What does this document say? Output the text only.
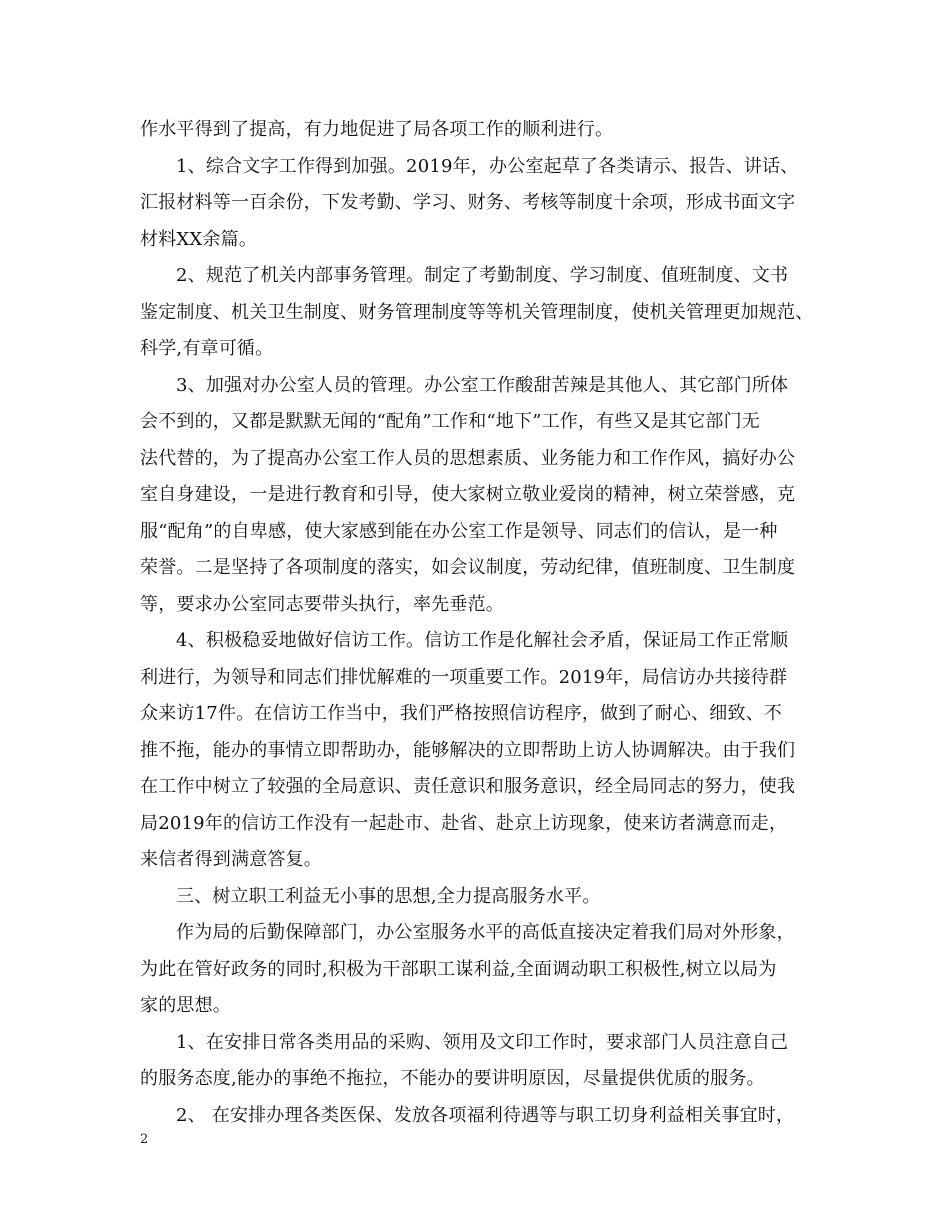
作水平得到了提高，有力地促进了局各项工作的顺利进行。
1、综合文字工作得到加强。2019年，办公室起草了各类请示、报告、讲话、
汇报材料等一百余份，下发考勤、学习、财务、考核等制度十余项，形成书面文字
材料XX余篇。
2、规范了机关内部事务管理。制定了考勤制度、学习制度、值班制度、文书
鉴定制度、机关卫生制度、财务管理制度等等机关管理制度，使机关管理更加规范、
科学,有章可循。
3、加强对办公室人员的管理。办公室工作酸甜苦辣是其他人、其它部门所体
会不到的，又都是默默无闻的“配角”工作和“地下”工作，有些又是其它部门无
法代替的，为了提高办公室工作人员的思想素质、业务能力和工作作风，搞好办公
室自身建设，一是进行教育和引导，使大家树立敬业爱岗的精神，树立荣誉感，克
服“配角”的自卑感，使大家感到能在办公室工作是领导、同志们的信认，是一种
荣誉。二是坚持了各项制度的落实，如会议制度，劳动纪律，值班制度、卫生制度
等，要求办公室同志要带头执行，率先垂范。
4、积极稳妥地做好信访工作。信访工作是化解社会矛盾，保证局工作正常顺
利进行，为领导和同志们排忧解难的一项重要工作。2019年，局信访办共接待群
众来访17件。在信访工作当中，我们严格按照信访程序，做到了耐心、细致、不
推不拖，能办的事情立即帮助办，能够解决的立即帮助上访人协调解决。由于我们
在工作中树立了较强的全局意识、责任意识和服务意识，经全局同志的努力，使我
局2019年的信访工作没有一起赴市、赴省、赴京上访现象，使来访者满意而走，
来信者得到满意答复。
三、树立职工利益无小事的思想,全力提高服务水平。
作为局的后勤保障部门，办公室服务水平的高低直接决定着我们局对外形象，
为此在管好政务的同时,积极为干部职工谋利益,全面调动职工积极性,树立以局为
家的思想。
1、在安排日常各类用品的采购、领用及文印工作时，要求部门人员注意自己
的服务态度,能办的事绝不拖拉，不能办的要讲明原因，尽量提供优质的服务。
2、 在安排办理各类医保、发放各项福利待遇等与职工切身利益相关事宜时，
2
